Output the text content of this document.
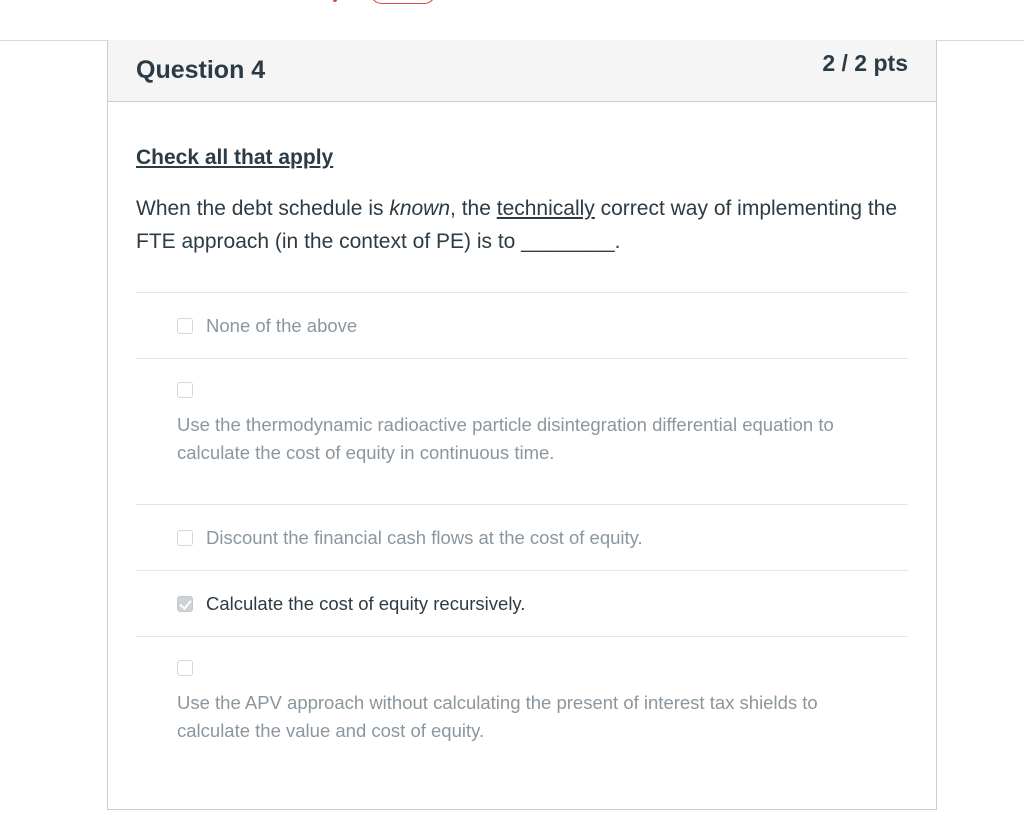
Question 4	2 / 2 pts
Check all that apply
When the debt schedule is known, the technically correct way of implementing the FTE approach (in the context of PE) is to ________.
None of the above
Use the thermodynamic radioactive particle disintegration differential equation to calculate the cost of equity in continuous time.
Discount the financial cash flows at the cost of equity.
Calculate the cost of equity recursively.
Use the APV approach without calculating the present of interest tax shields to calculate the value and cost of equity.
